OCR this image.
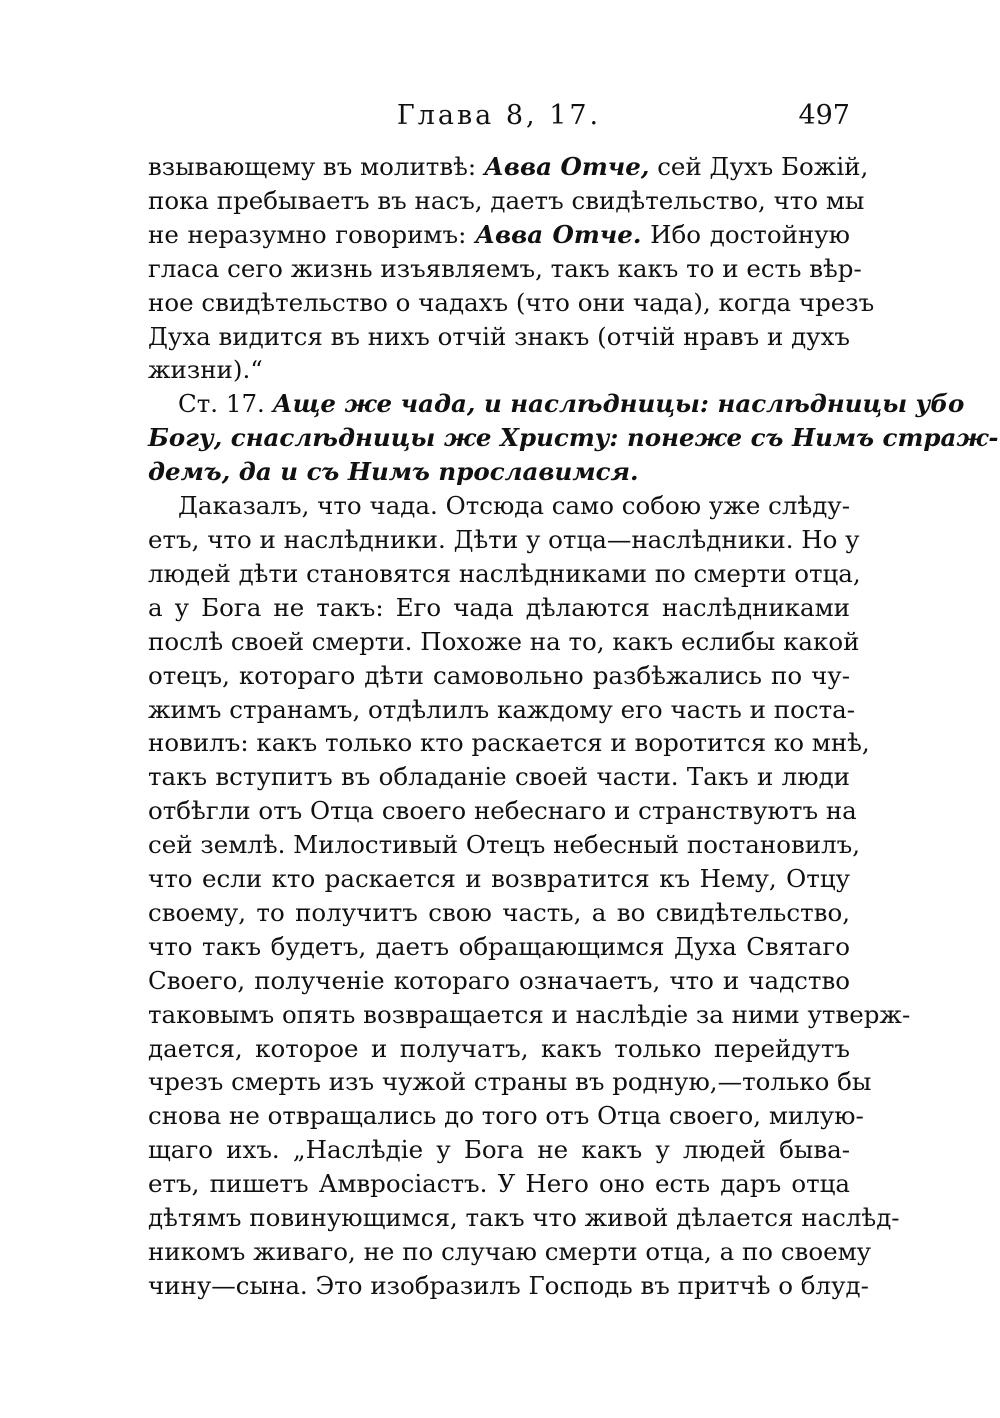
Глава 8, 17.	497

взывающему въ молитвѣ: Авва Отче, сей Духъ Божій,
пока пребываетъ въ насъ, даетъ свидѣтельство, что мы
не неразумно говоримъ: Авва Отче. Ибо достойную
гласа сего жизнь изъявляемъ, такъ какъ то и есть вѣр-
ное свидѣтельство о чадахъ (что они чада), когда чрезъ
Духа видится въ нихъ отчій знакъ (отчій нравъ и духъ
жизни).“

Ст. 17. Аще же чада, и наслѣдницы: наслѣдницы убо
Богу, снаслѣдницы же Христу: понеже съ Нимъ страж-
демъ, да и съ Нимъ прославимся.

Даказалъ, что чада. Отсюда само собою уже слѣду-
етъ, что и наслѣдники. Дѣти у отца—наслѣдники. Но у
людей дѣти становятся наслѣдниками по смерти отца,
а у Бога не такъ: Его чада дѣлаются наслѣдниками
послѣ своей смерти. Похоже на то, какъ еслибы какой
отецъ, котораго дѣти самовольно разбѣжались по чу-
жимъ странамъ, отдѣлилъ каждому его часть и поста-
новилъ: какъ только кто раскается и воротится ко мнѣ,
такъ вступитъ въ обладаніе своей части. Такъ и люди
отбѣгли отъ Отца своего небеснаго и странствуютъ на
сей землѣ. Милостивый Отецъ небесный постановилъ,
что если кто раскается и возвратится къ Нему, Отцу
своему, то получитъ свою часть, а во свидѣтельство,
что такъ будетъ, даетъ обращающимся Духа Святаго
Своего, полученіе котораго означаетъ, что и чадство
таковымъ опять возвращается и наслѣдіе за ними утверж-
дается, которое и получатъ, какъ только перейдутъ
чрезъ смерть изъ чужой страны въ родную,—только бы
снова не отвращались до того отъ Отца своего, милую-
щаго ихъ. „Наслѣдіе у Бога не какъ у людей быва-
етъ, пишетъ Амвросіастъ. У Него оно есть даръ отца
дѣтямъ повинующимся, такъ что живой дѣлается наслѣд-
никомъ живаго, не по случаю смерти отца, а по своему
чину—сына. Это изобразилъ Господь въ притчѣ о блуд-
